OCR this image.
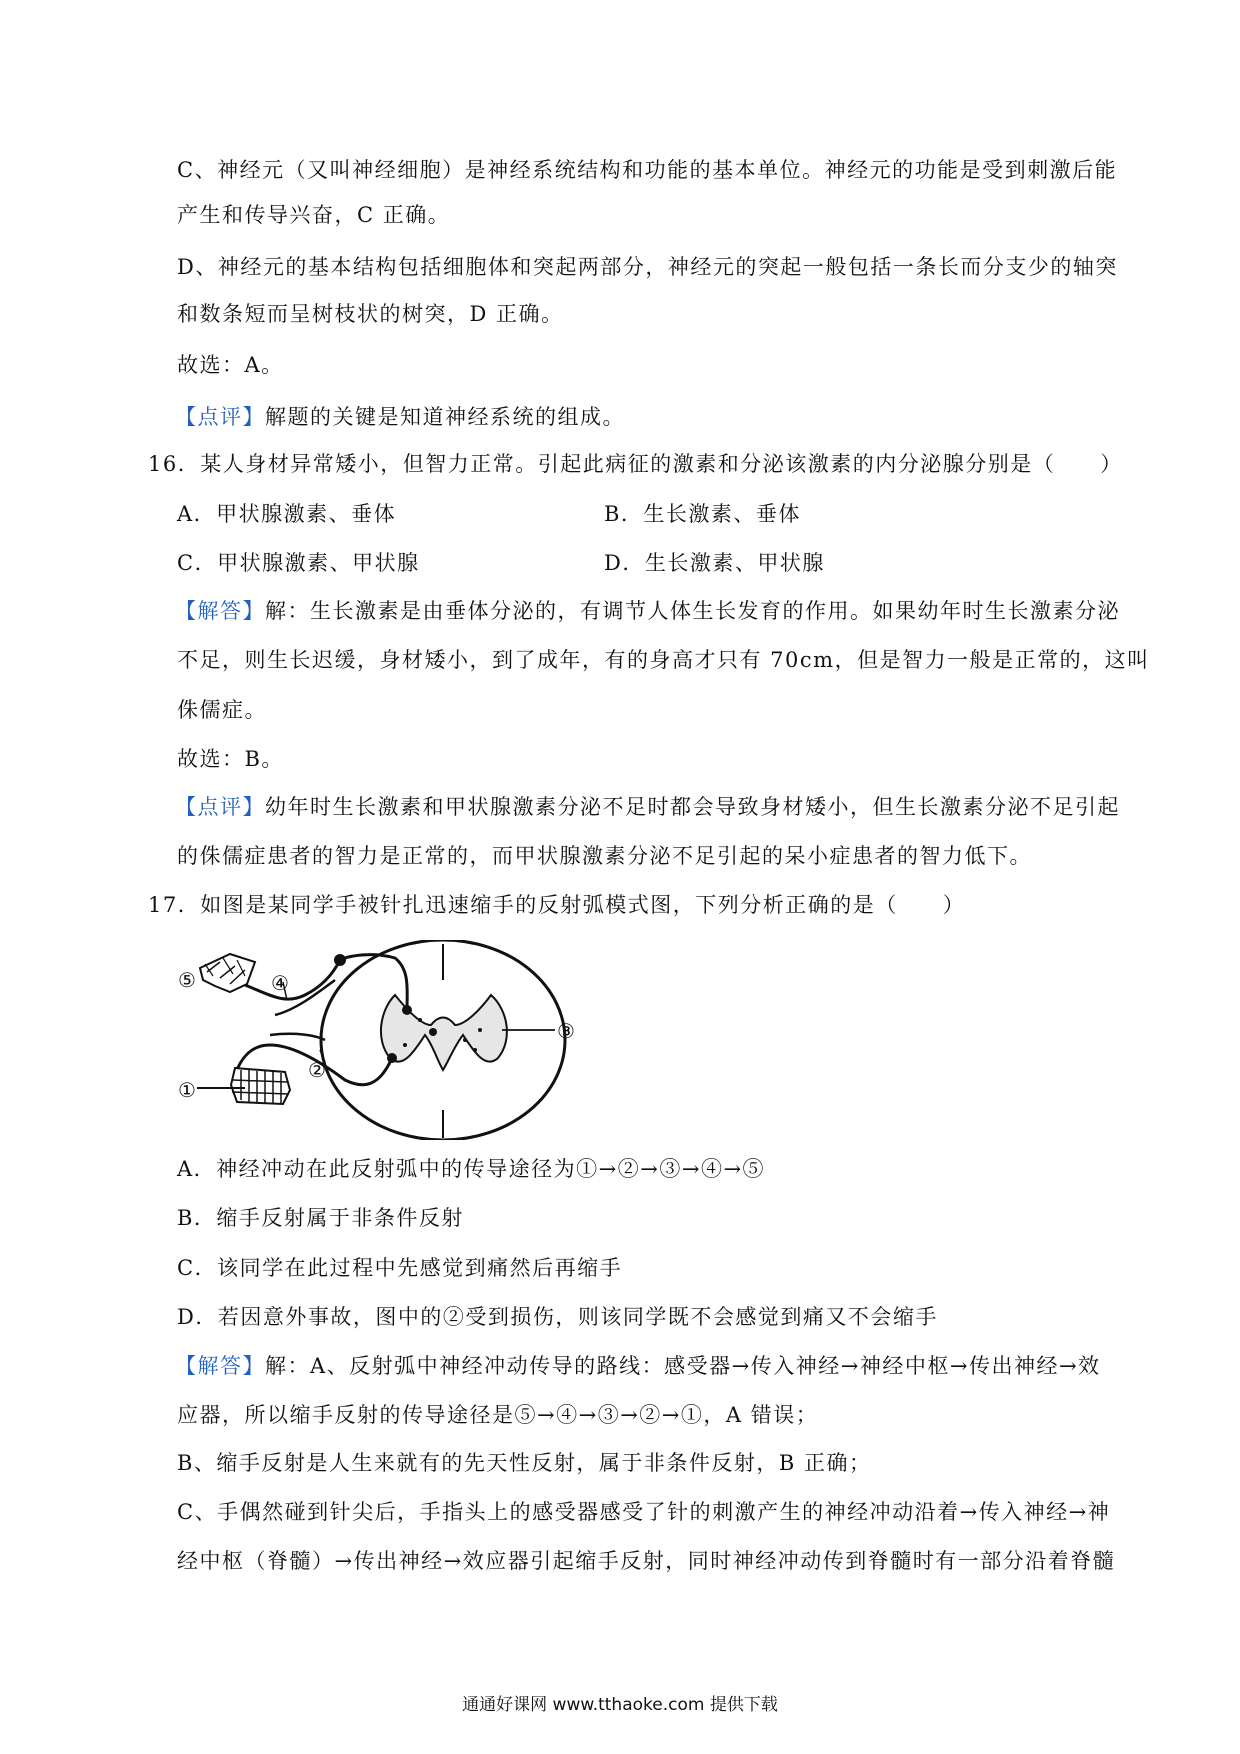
C、神经元（又叫神经细胞）是神经系统结构和功能的基本单位。神经元的功能是受到刺激后能
产生和传导兴奋，C 正确。
D、神经元的基本结构包括细胞体和突起两部分，神经元的突起一般包括一条长而分支少的轴突
和数条短而呈树枝状的树突，D 正确。
故选：A。
【点评】解题的关键是知道神经系统的组成。
16．某人身材异常矮小，但智力正常。引起此病征的激素和分泌该激素的内分泌腺分别是（　　）
A．甲状腺激素、垂体	B．生长激素、垂体
C．甲状腺激素、甲状腺	D．生长激素、甲状腺
【解答】解：生长激素是由垂体分泌的，有调节人体生长发育的作用。如果幼年时生长激素分泌
不足，则生长迟缓，身材矮小，到了成年，有的身高才只有 70cm，但是智力一般是正常的，这叫
侏儒症。
故选：B。
【点评】幼年时生长激素和甲状腺激素分泌不足时都会导致身材矮小，但生长激素分泌不足引起
的侏儒症患者的智力是正常的，而甲状腺激素分泌不足引起的呆小症患者的智力低下。
17．如图是某同学手被针扎迅速缩手的反射弧模式图，下列分析正确的是（　　）
⑤	④
③
②
①
A．神经冲动在此反射弧中的传导途径为①→②→③→④→⑤
B．缩手反射属于非条件反射
C．该同学在此过程中先感觉到痛然后再缩手
D．若因意外事故，图中的②受到损伤，则该同学既不会感觉到痛又不会缩手
【解答】解：A、反射弧中神经冲动传导的路线：感受器→传入神经→神经中枢→传出神经→效
应器，所以缩手反射的传导途径是⑤→④→③→②→①，A 错误；
B、缩手反射是人生来就有的先天性反射，属于非条件反射，B 正确；
C、手偶然碰到针尖后，手指头上的感受器感受了针的刺激产生的神经冲动沿着→传入神经→神
经中枢（脊髓）→传出神经→效应器引起缩手反射，同时神经冲动传到脊髓时有一部分沿着脊髓
通通好课网 www.tthaoke.com 提供下载
